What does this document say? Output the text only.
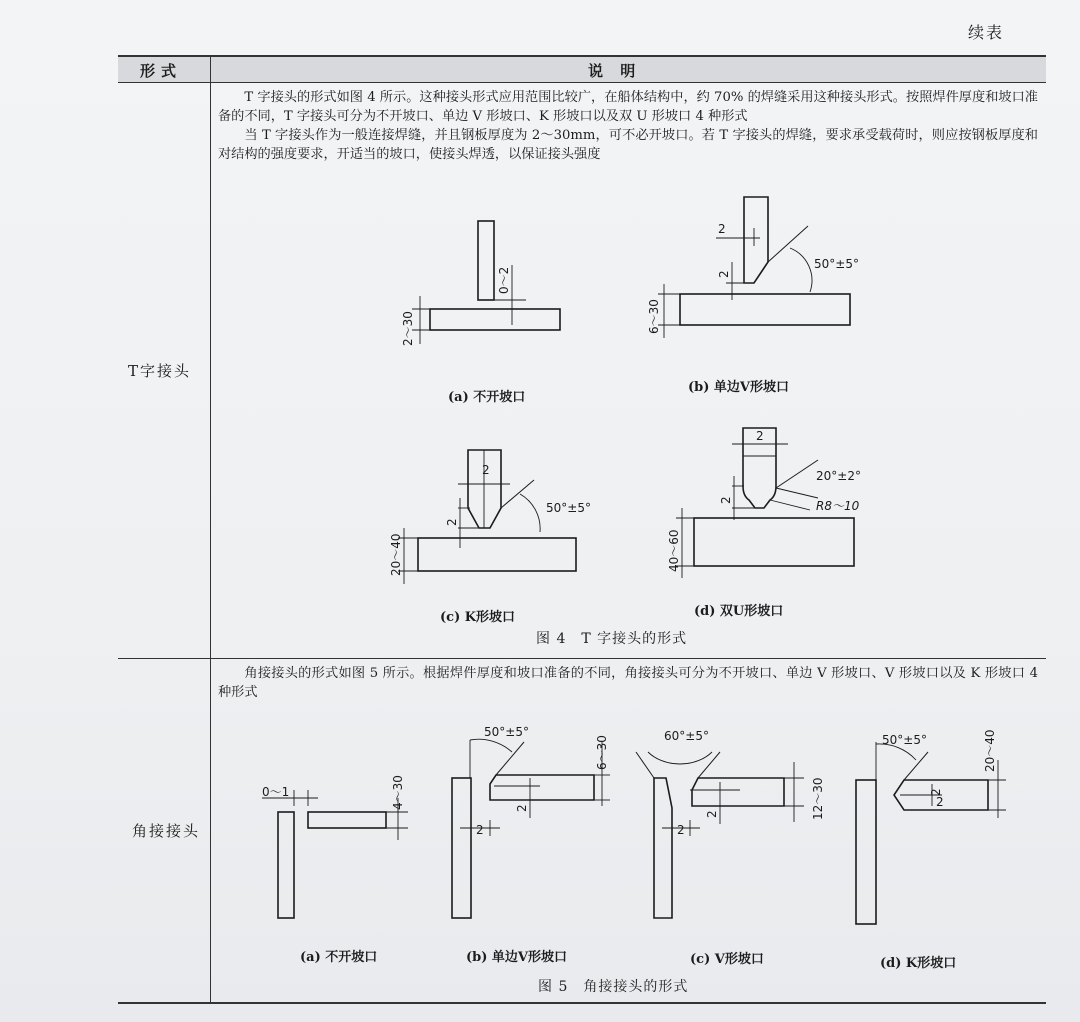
续表
形式	说 明
T字接头

T 字接头的形式如图 4 所示。这种接头形式应用范围比较广，在船体结构中，约 70% 的焊缝采用这种接头形式。按照焊件厚度和坡口准备的不同，T 字接头可分为不开坡口、单边 V 形坡口、K 形坡口以及双 U 形坡口 4 种形式

当 T 字接头作为一般连接焊缝，并且钢板厚度为 2～30mm，可不必开坡口。若 T 字接头的焊缝，要求承受载荷时，则应按钢板厚度和对结构的强度要求，开适当的坡口，使接头焊透，以保证接头强度

(a) 不开坡口
(b) 单边V形坡口
(c) K形坡口	(d) 双U形坡口
图 4　T 字接头的形式
角接接头

角接接头的形式如图 5 所示。根据焊件厚度和坡口准备的不同，角接接头可分为不开坡口、单边 V 形坡口、V 形坡口以及 K 形坡口 4 种形式

(a) 不开坡口	(b) 单边V形坡口	(c) V形坡口	(d) K形坡口
图 5　角接接头的形式
0～2
2～30
2
2
6～30
50°±5°
2
2
20～40
50°±5°
2
2
40～60
20°±2°
R8～10
0～1	4～30
50°±5°
6～30
2
2
60°±5°
12～30
2
2
50°±5°	20～40
2
2
